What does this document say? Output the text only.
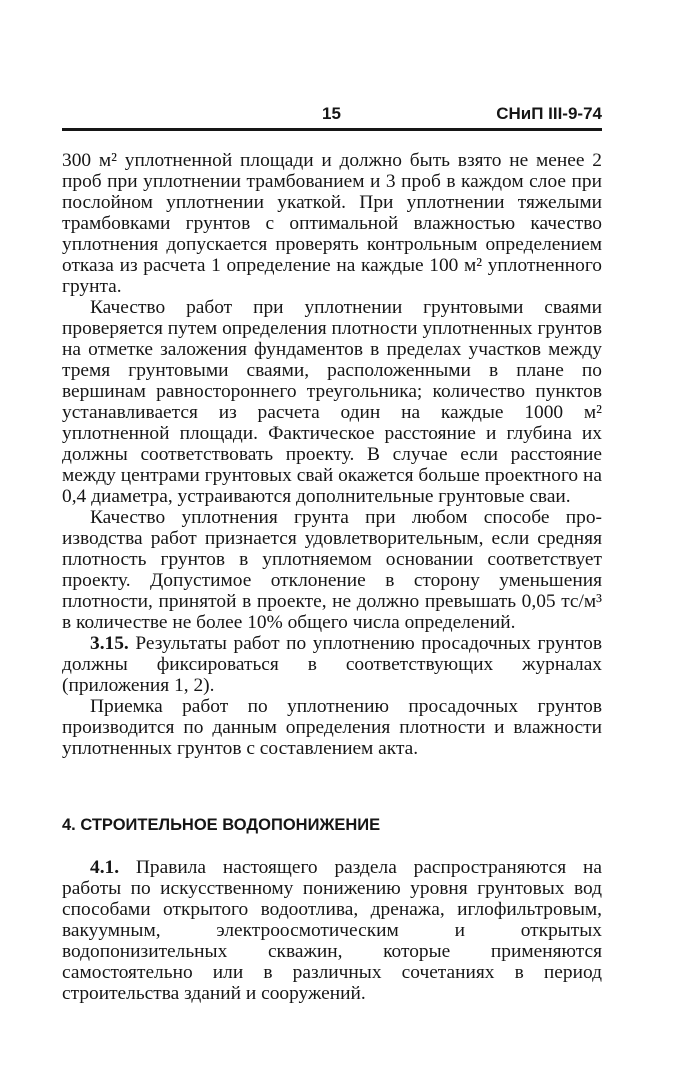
15	СНиП III-9-74

300 м² уплотненной площади и должно быть взято не менее 2 проб при уплотнении трамбованием и 3 проб в каждом слое при послойном уплотнении укаткой. При уплотнении тяжелыми трамбовками грунтов с оптимальной влажностью качество уплотнения допускается проверять контрольным определением отказа из расчета 1 определение на каждые 100 м² уплотненного грунта.

Качество работ при уплотнении грунтовыми сваями проверяется путем определения плотности уплотненных грунтов на отметке заложения фундаментов в пределах участков между тремя грунтовыми сваями, расположенными в плане по вершинам равностороннего треугольника; количество пунктов устанавливается из расчета один на каждые 1000 м² уплотненной площади. Фактическое расстояние и глубина их должны соответствовать проекту. В случае если расстояние между центрами грунтовых свай окажется больше проектного на 0,4 диаметра, устраиваются дополнительные грунтовые сваи.

Качество уплотнения грунта при любом способе производства работ признается удовлетворительным, если средняя плотность грунтов в уплотняемом основании соответствует проекту. Допустимое отклонение в сторону уменьшения плотности, принятой в проекте, не должно превышать 0,05 тс/м³ в количестве не более 10% общего числа определений.

3.15. Результаты работ по уплотнению просадочных грунтов должны фиксироваться в соответствующих журналах (приложения 1, 2).

Приемка работ по уплотнению просадочных грунтов производится по данным определения плотности и влажности уплотненных грунтов с составлением акта.

4. СТРОИТЕЛЬНОЕ ВОДОПОНИЖЕНИЕ

4.1. Правила настоящего раздела распространяются на работы по искусственному понижению уровня грунтовых вод способами открытого водоотлива, дренажа, иглофильтровым, вакуумным, электроосмотическим и открытых водопонизительных скважин, которые применяются самостоятельно или в различных сочетаниях в период строительства зданий и сооружений.
